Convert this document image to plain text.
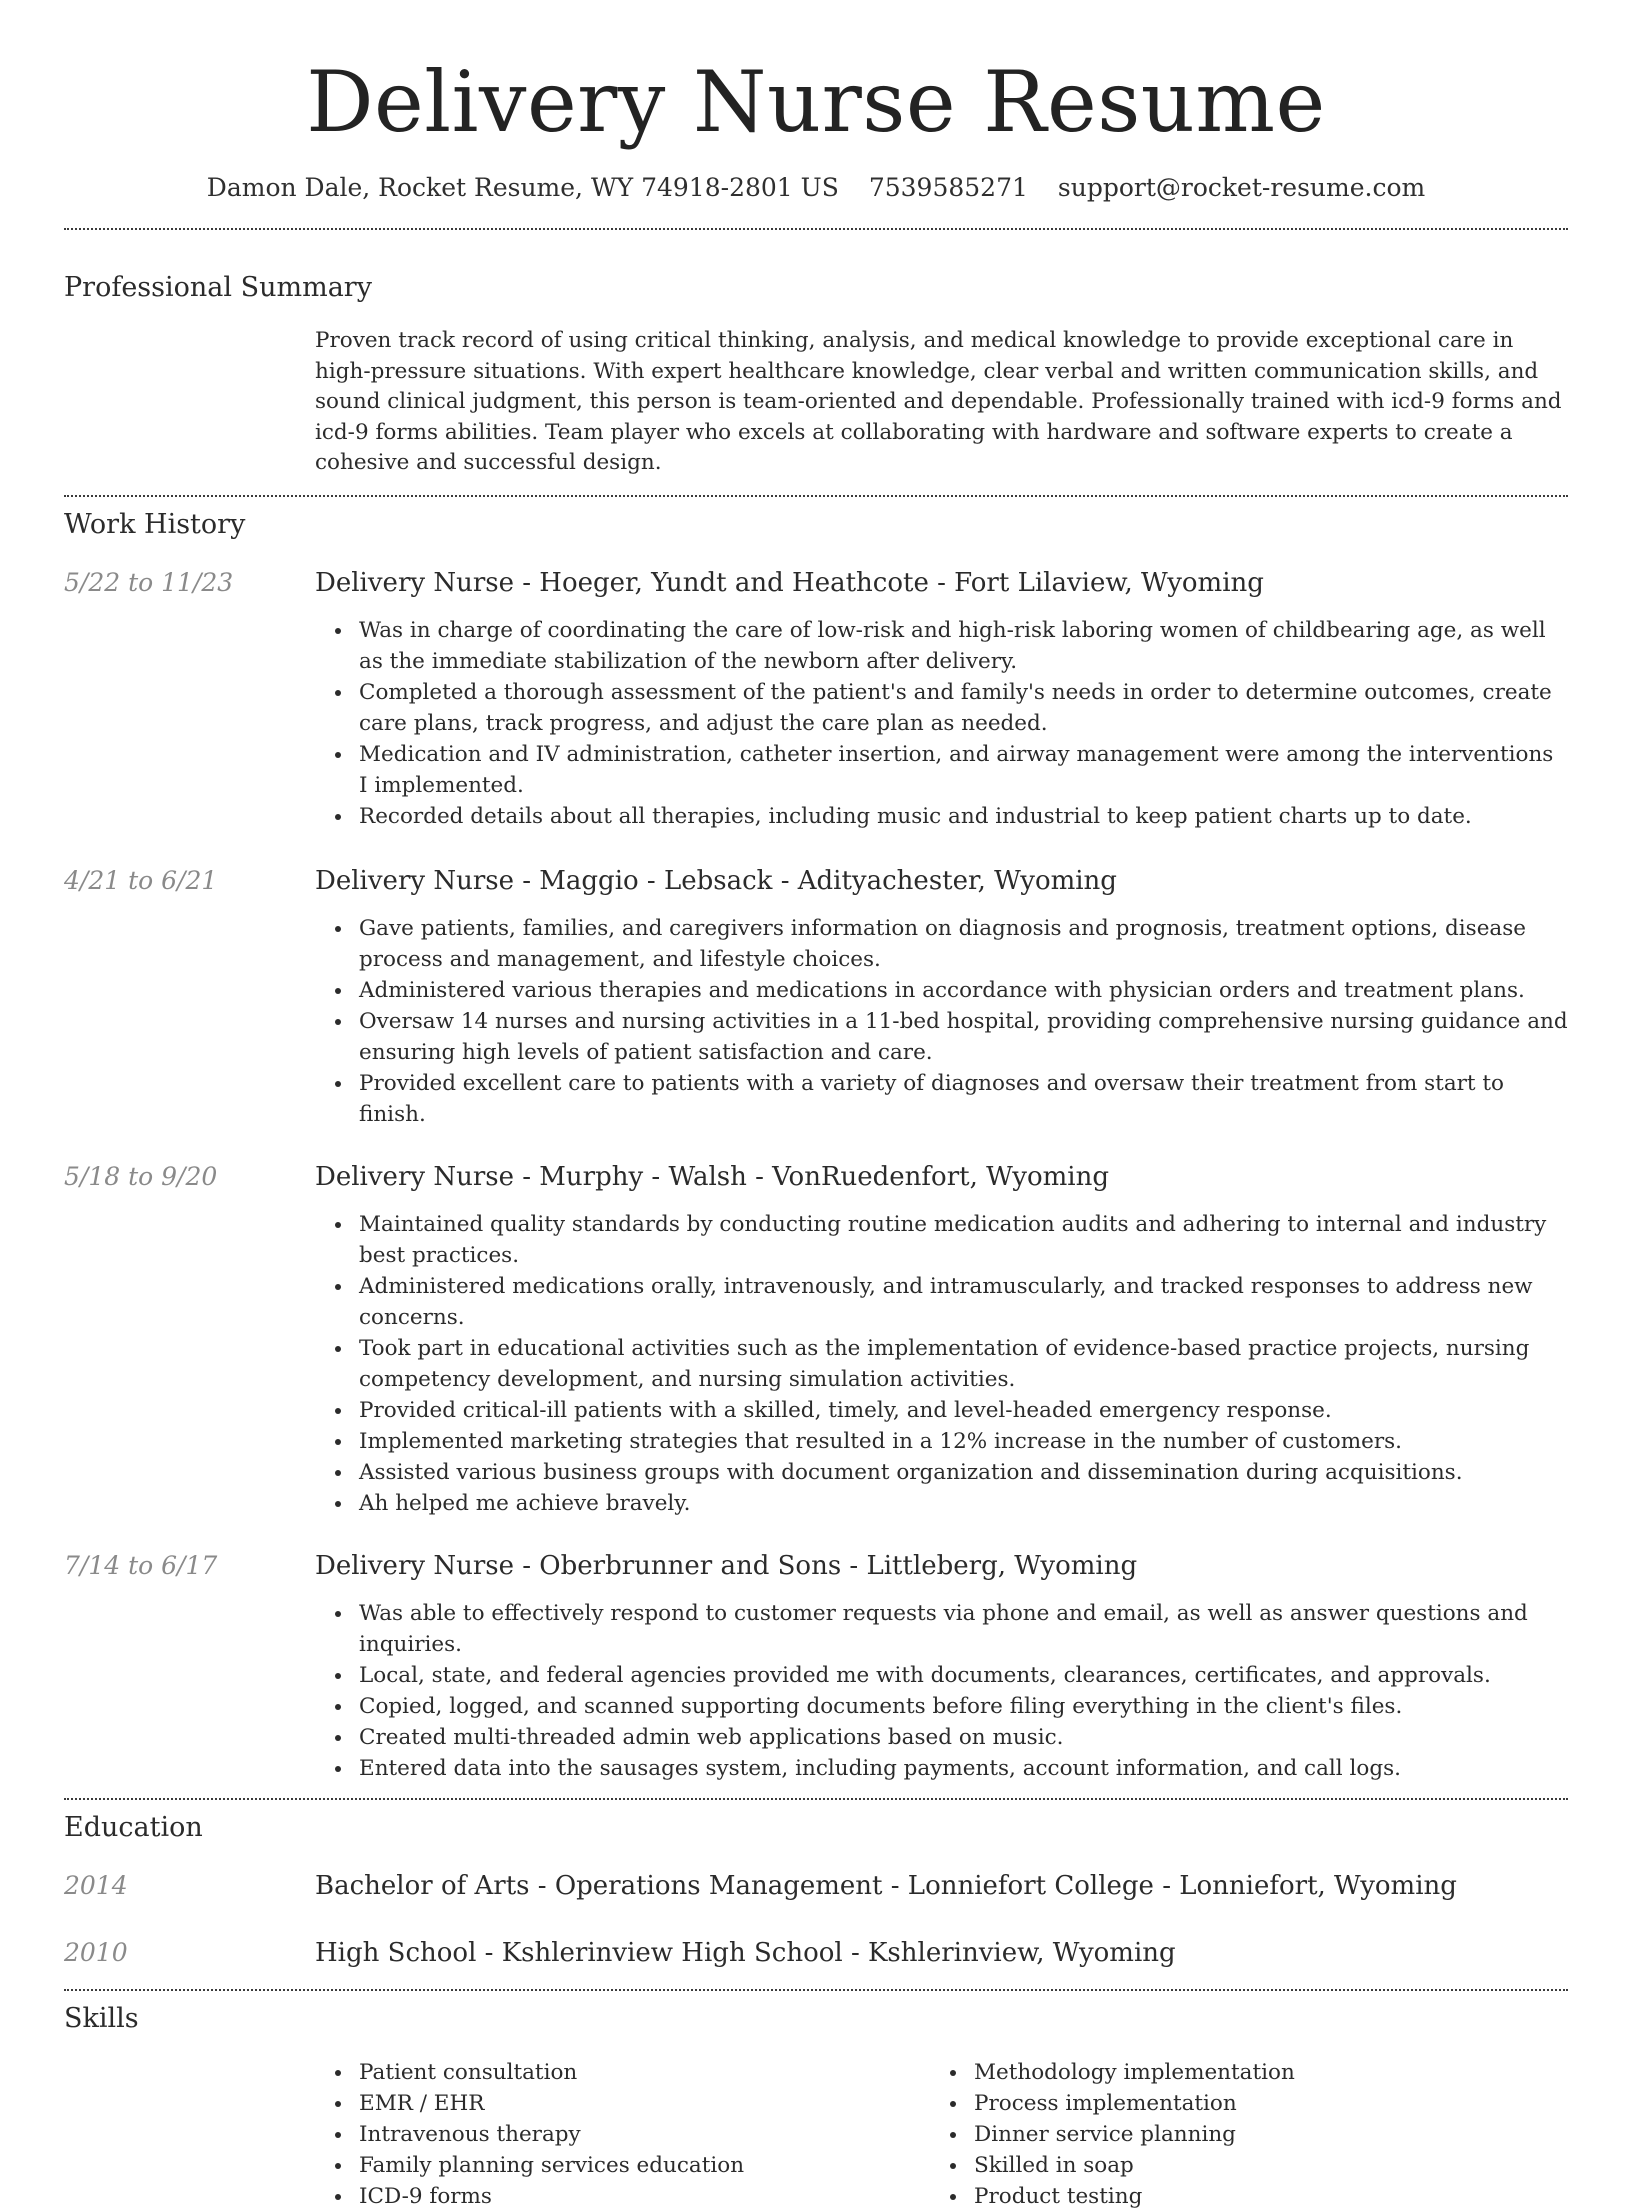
Delivery Nurse Resume
Damon Dale, Rocket Resume, WY 74918-2801 US 7539585271 support@rocket-resume.com
Professional Summary

Proven track record of using critical thinking, analysis, and medical knowledge to provide exceptional care in high-pressure situations. With expert healthcare knowledge, clear verbal and written communication skills, and sound clinical judgment, this person is team-oriented and dependable. Professionally trained with icd-9 forms and icd-9 forms abilities. Team player who excels at collaborating with hardware and software experts to create a cohesive and successful design.

Work History
5/22 to 11/23	Delivery Nurse - Hoeger, Yundt and Heathcote - Fort Lilaview, Wyoming
Was in charge of coordinating the care of low-risk and high-risk laboring women of childbearing age, as well as the immediate stabilization of the newborn after delivery.
Completed a thorough assessment of the patient's and family's needs in order to determine outcomes, create care plans, track progress, and adjust the care plan as needed.
Medication and IV administration, catheter insertion, and airway management were among the interventions I implemented.
Recorded details about all therapies, including music and industrial to keep patient charts up to date.
4/21 to 6/21	Delivery Nurse - Maggio - Lebsack - Adityachester, Wyoming
Gave patients, families, and caregivers information on diagnosis and prognosis, treatment options, disease process and management, and lifestyle choices.
Administered various therapies and medications in accordance with physician orders and treatment plans.
Oversaw 14 nurses and nursing activities in a 11-bed hospital, providing comprehensive nursing guidance and ensuring high levels of patient satisfaction and care.
Provided excellent care to patients with a variety of diagnoses and oversaw their treatment from start to finish.
5/18 to 9/20	Delivery Nurse - Murphy - Walsh - VonRuedenfort, Wyoming
Maintained quality standards by conducting routine medication audits and adhering to internal and industry best practices.
Administered medications orally, intravenously, and intramuscularly, and tracked responses to address new concerns.
Took part in educational activities such as the implementation of evidence-based practice projects, nursing competency development, and nursing simulation activities.
Provided critical-ill patients with a skilled, timely, and level-headed emergency response.
Implemented marketing strategies that resulted in a 12% increase in the number of customers.
Assisted various business groups with document organization and dissemination during acquisitions.
Ah helped me achieve bravely.
7/14 to 6/17	Delivery Nurse - Oberbrunner and Sons - Littleberg, Wyoming
Was able to effectively respond to customer requests via phone and email, as well as answer questions and inquiries.
Local, state, and federal agencies provided me with documents, clearances, certificates, and approvals.
Copied, logged, and scanned supporting documents before filing everything in the client's files.
Created multi-threaded admin web applications based on music.
Entered data into the sausages system, including payments, account information, and call logs.
Education
2014	Bachelor of Arts - Operations Management - Lonniefort College - Lonniefort, Wyoming
2010	High School - Kshlerinview High School - Kshlerinview, Wyoming
Skills
Patient consultation
EMR / EHR
Intravenous therapy
Family planning services education
ICD-9 forms
Methodology implementation
Process implementation
Dinner service planning
Skilled in soap
Product testing
